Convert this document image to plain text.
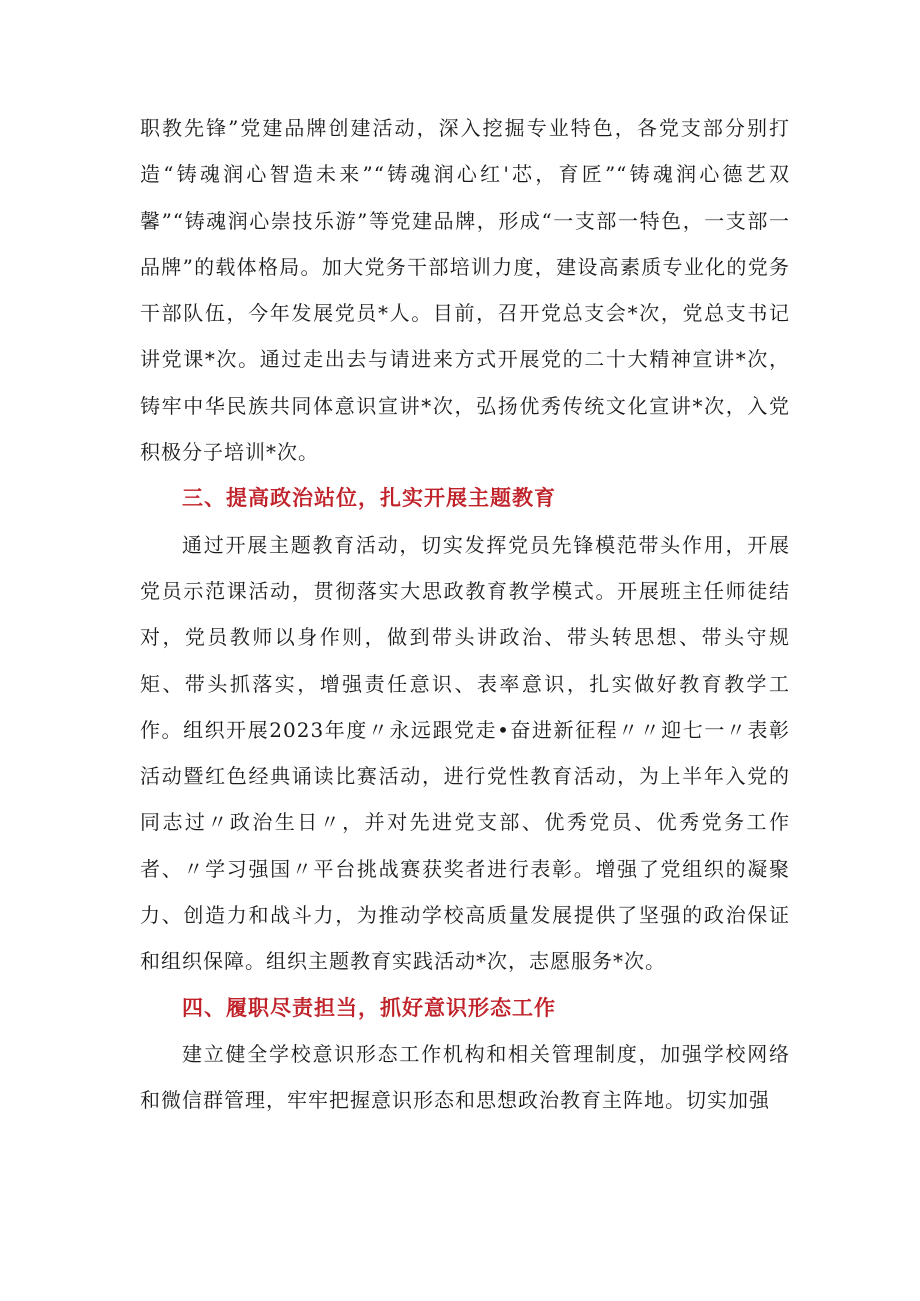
职教先锋”党建品牌创建活动，深入挖掘专业特色，各党支部分别打造“铸魂润心智造未来”“铸魂润心红'芯，育匠”“铸魂润心德艺双馨”“铸魂润心崇技乐游”等党建品牌，形成“一支部一特色，一支部一品牌”的载体格局。加大党务干部培训力度，建设高素质专业化的党务干部队伍，今年发展党员*人。目前，召开党总支会*次，党总支书记讲党课*次。通过走出去与请进来方式开展党的二十大精神宣讲*次，铸牢中华民族共同体意识宣讲*次，弘扬优秀传统文化宣讲*次，入党积极分子培训*次。

三、提高政治站位，扎实开展主题教育

通过开展主题教育活动，切实发挥党员先锋模范带头作用，开展党员示范课活动，贯彻落实大思政教育教学模式。开展班主任师徒结对，党员教师以身作则，做到带头讲政治、带头转思想、带头守规矩、带头抓落实，增强责任意识、表率意识，扎实做好教育教学工作。组织开展2023年度〃永远跟党走•奋进新征程〃〃迎七一〃表彰活动暨红色经典诵读比赛活动，进行党性教育活动，为上半年入党的同志过〃政治生日〃，并对先进党支部、优秀党员、优秀党务工作者、〃学习强国〃平台挑战赛获奖者进行表彰。增强了党组织的凝聚力、创造力和战斗力，为推动学校高质量发展提供了坚强的政治保证和组织保障。组织主题教育实践活动*次，志愿服务*次。

四、履职尽责担当，抓好意识形态工作

建立健全学校意识形态工作机构和相关管理制度，加强学校网络和微信群管理，牢牢把握意识形态和思想政治教育主阵地。切实加强
